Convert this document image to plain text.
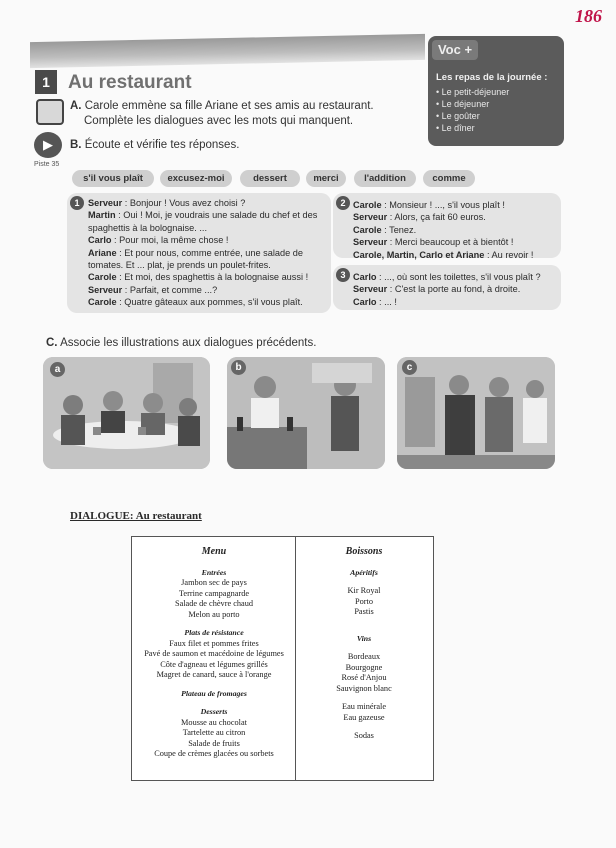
186
1 Au restaurant
A. Carole emmène sa fille Ariane et ses amis au restaurant.
Complète les dialogues avec les mots qui manquent.
▶
Piste 35
B. Écoute et vérifie tes réponses.
Voc +
Les repas de la journée :
• Le petit-déjeuner
• Le déjeuner
• Le goûter
• Le dîner
s'il vous plaît	excusez-moi	dessert	merci	l'addition	comme
1 Serveur : Bonjour ! Vous avez choisi ?
Martin : Oui ! Moi, je voudrais une salade du chef et des spaghettis à la bolognaise. ...
Carlo : Pour moi, la même chose !
Ariane : Et pour nous, comme entrée, une salade de tomates. Et ... plat, je prends un poulet-frites.
Carole : Et moi, des spaghettis à la bolognaise aussi !
Serveur : Parfait, et comme ...?
Carole : Quatre gâteaux aux pommes, s'il vous plaît.
2 Carole : Monsieur ! ..., s'il vous plaît !
Serveur : Alors, ça fait 60 euros.
Carole : Tenez.
Serveur : Merci beaucoup et à bientôt !
Carole, Martin, Carlo et Ariane : Au revoir !
3 Carlo : ..., où sont les toilettes, s'il vous plaît ?
Serveur : C'est la porte au fond, à droite.
Carlo : ... !
C. Associe les illustrations aux dialogues précédents.
a	b	c
DIALOGUE: Au restaurant
Menu
Entrées
Jambon sec de pays
Terrine campagnarde
Salade de chèvre chaud
Melon au porto
Plats de résistance
Faux filet et pommes frites
Pavé de saumon et macédoine de légumes
Côte d'agneau et légumes grillés
Magret de canard, sauce à l'orange
Plateau de fromages
Desserts
Mousse au chocolat
Tartelette au citron
Salade de fruits
Coupe de crèmes glacées ou sorbets
Boissons
Apéritifs
Kir Royal
Porto
Pastis
Vins
Bordeaux
Bourgogne
Rosé d'Anjou
Sauvignon blanc
Eau minérale
Eau gazeuse
Sodas
